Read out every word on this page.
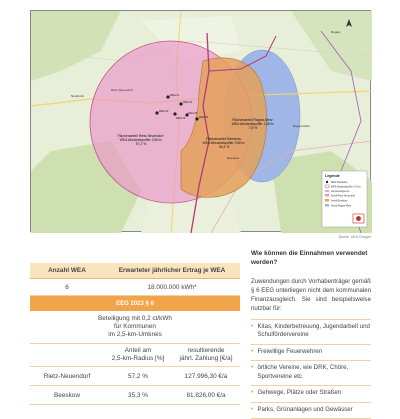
WEA 01
WEA 02
WEA 03
WEA 04
WEA 05
WEA 06
Rietz-Neuendorf
Beeskow
Ragow-Merz
Ragow
Neubrück
Flächenanteil Rietz-Neuendorf WEA Abstandspuffer 2,5Km 57,2 %
Flächenanteil Beeskow WEA Abstandspuffer 2,5Km 35,3 %
Flächenanteil Ragow-Merz WEA Abstandspuffer 2,5Km 7,5 %
Legende
WEA Standorte
WEA Abstandspuffer 2,5 km
Gemeindegrenze
Anteil Rietz-Neuendorf
Anteil Beeskow
Anteil Ragow-Merz
Quelle: UKA Gruppe
Anzahl WEA	Erwarteter jährlicher Ertrag je WEA
6	18.000.000 kWh*
EEG 2023 § 6
Beteiligung mit 0,2 ct/kWh
für Kommunen
im 2,5-km-Umkreis
Anteil am
2,5-km-Radius [%]
resultierende
jährl. Zahlung [€/a]
Rietz-Neuendorf	57,2 %	127.996,30 €/a
Beeskow	35,3 %	81.826,00 €/a
Wie können die Einnahmen verwendet werden?

Zuwendungen durch Vorhabenträger gemäß § 6 EEG unterliegen nicht dem kommunalen Finanzausgleich. Sie sind beispielsweise nutzbar für:

• Kitas, Kinderbetreuung, Jugendarbeit und Schulfördervereine
• Freiwillige Feuerwehren
• örtliche Vereine, wie DRK, Chöre, Sportvereine etc.
• Gehwege, Plätze oder Straßen
• Parks, Grünanlagen und Gewässer
